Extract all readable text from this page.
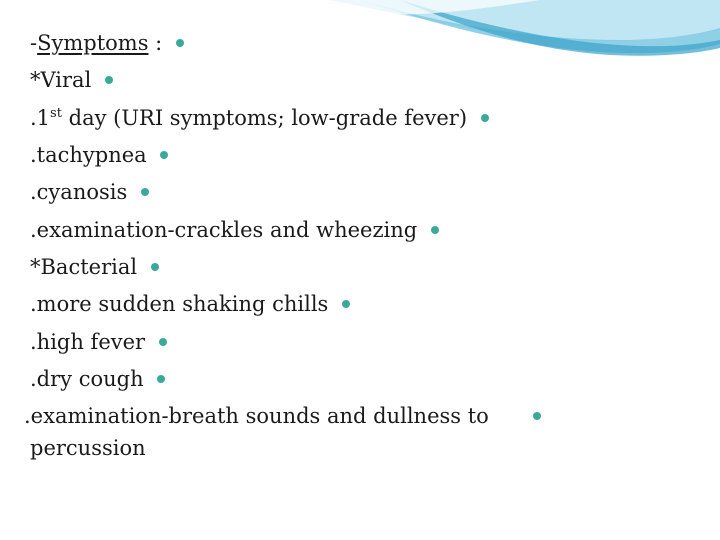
-Symptoms :
*Viral
.1st day (URI symptoms; low-grade fever)
.tachypnea
.cyanosis
.examination-crackles and wheezing
*Bacterial
.more sudden shaking chills
.high fever
.dry cough
.examination-breath sounds and dullness to
percussion
